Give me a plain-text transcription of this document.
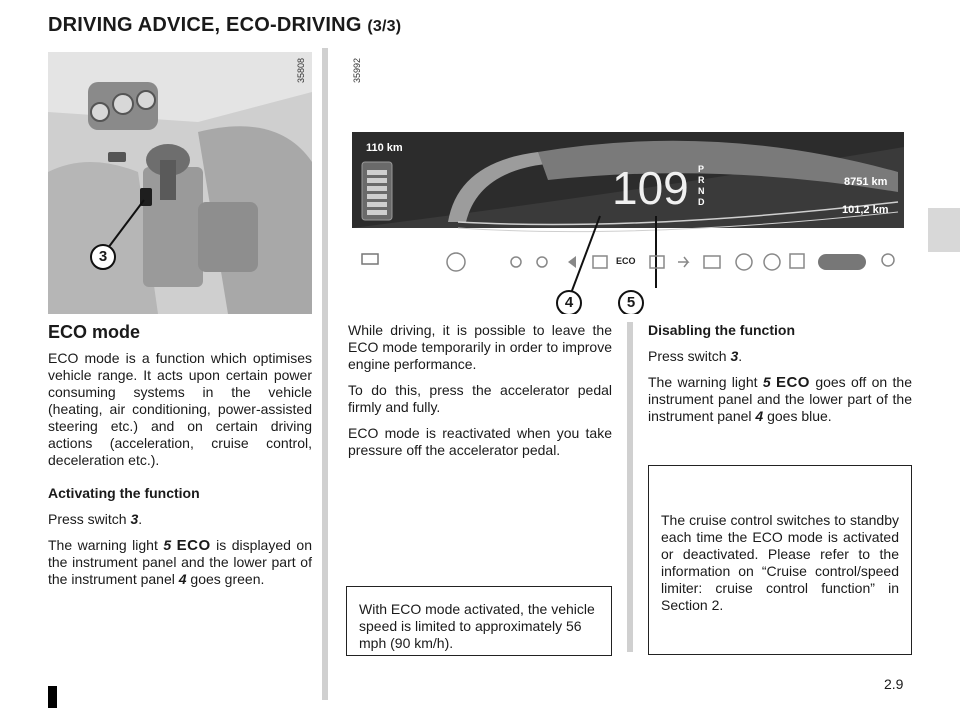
DRIVING ADVICE, ECO-DRIVING (3/3)
3
35808	35992
110 km
109 P
R
N
D
8751 km
101,2 km
ECO
4	5
ECO mode

ECO mode is a function which optimises vehicle range. It acts upon certain power consuming systems in the vehicle (heating, air conditioning, power-assisted steering etc.) and on certain driving actions (acceleration, cruise control, deceleration etc.).

Activating the function

Press switch 3.

The warning light 5 ECO is displayed on the instrument panel and the lower part of the instrument panel 4 goes green.

While driving, it is possible to leave the ECO mode temporarily in order to improve engine performance.

To do this, press the accelerator pedal firmly and fully.

ECO mode is reactivated when you take pressure off the accelerator pedal.

With ECO mode activated, the vehicle speed is limited to approximately 56 mph (90 km/h).

Disabling the function

Press switch 3.

The warning light 5 ECO goes off on the instrument panel and the lower part of the instrument panel 4 goes blue.

The cruise control switches to standby each time the ECO mode is activated or deactivated. Please refer to the information on “Cruise control/speed limiter: cruise control function” in Section 2.
2.9
